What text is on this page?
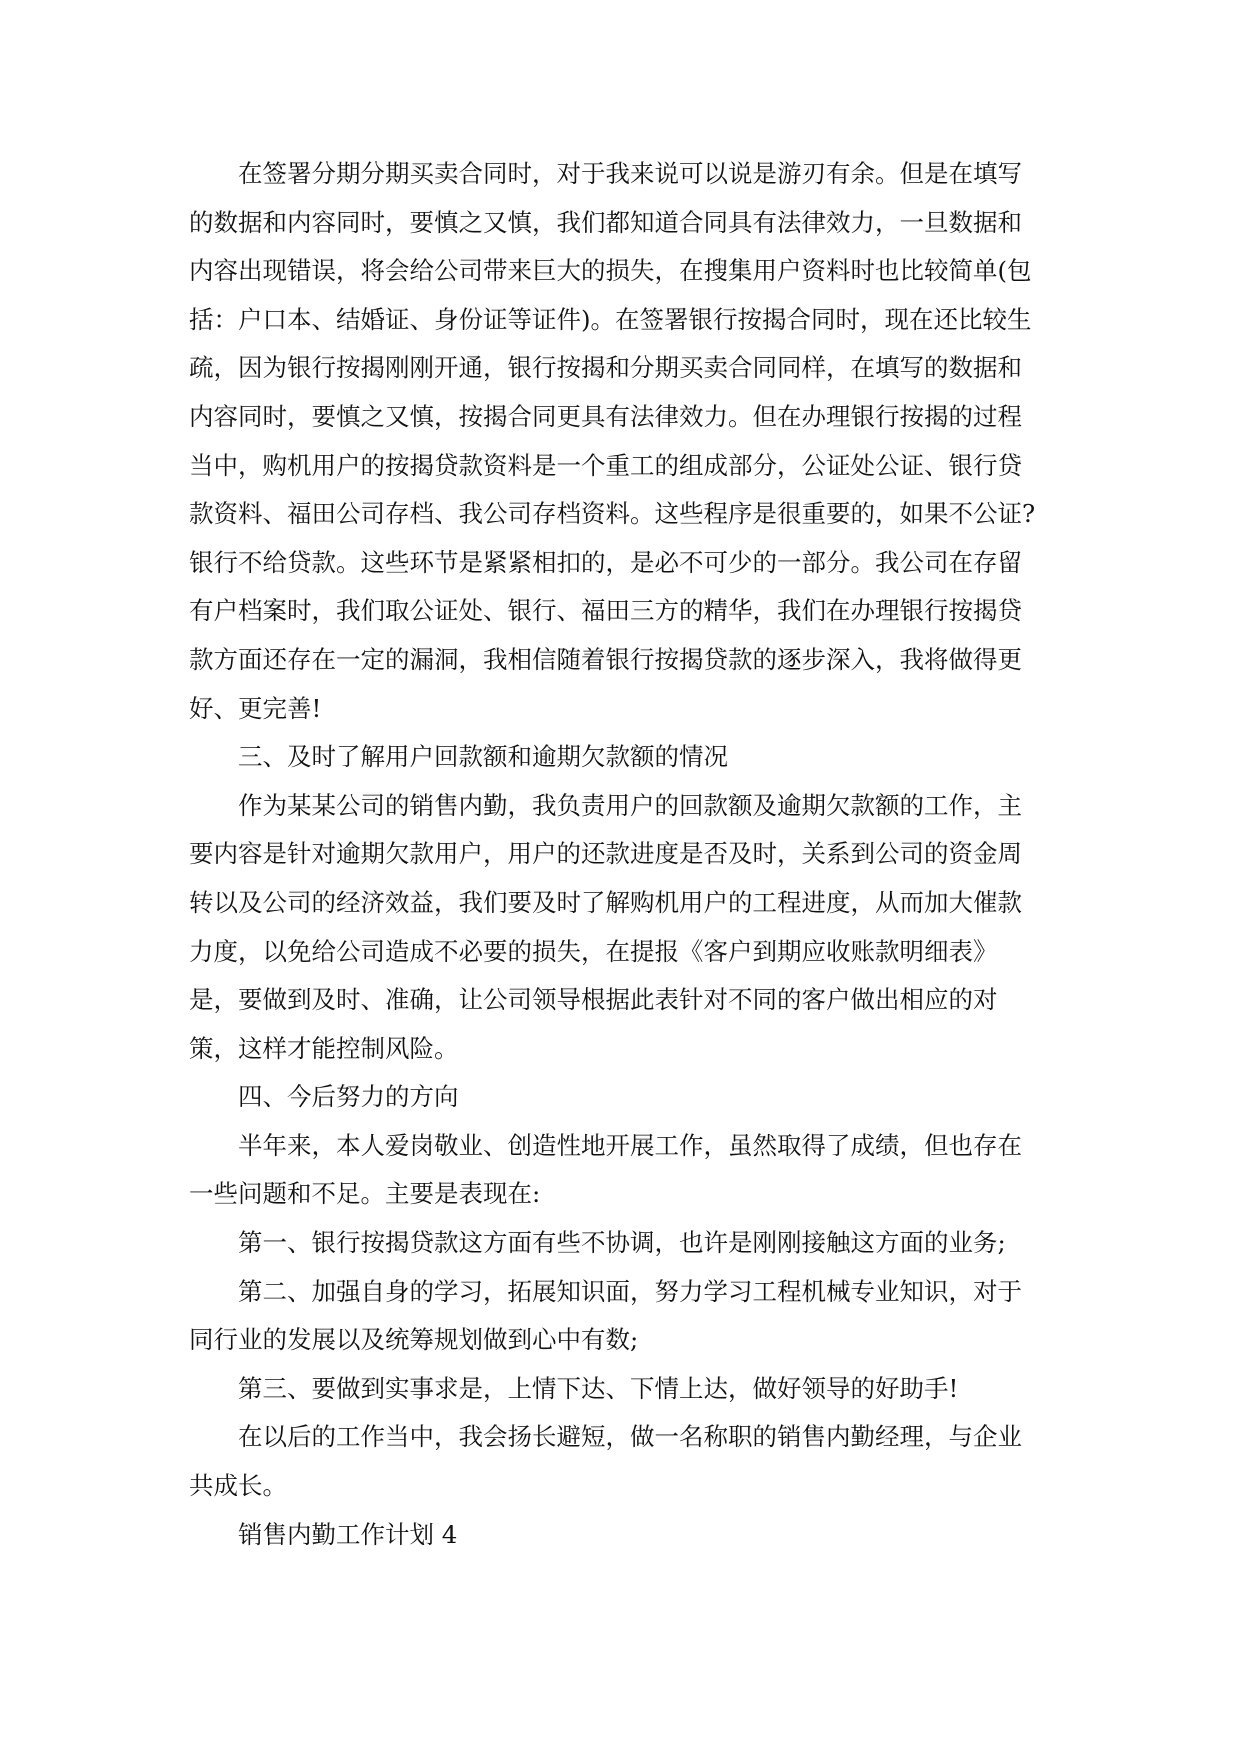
在签署分期分期买卖合同时，对于我来说可以说是游刃有余。但是在填写

的数据和内容同时，要慎之又慎，我们都知道合同具有法律效力，一旦数据和

内容出现错误，将会给公司带来巨大的损失，在搜集用户资料时也比较简单(包

括：户口本、结婚证、身份证等证件)。在签署银行按揭合同时，现在还比较生

疏，因为银行按揭刚刚开通，银行按揭和分期买卖合同同样，在填写的数据和

内容同时，要慎之又慎，按揭合同更具有法律效力。但在办理银行按揭的过程

当中，购机用户的按揭贷款资料是一个重工的组成部分，公证处公证、银行贷

款资料、福田公司存档、我公司存档资料。这些程序是很重要的，如果不公证?

银行不给贷款。这些环节是紧紧相扣的，是必不可少的一部分。我公司在存留

有户档案时，我们取公证处、银行、福田三方的精华，我们在办理银行按揭贷

款方面还存在一定的漏洞，我相信随着银行按揭贷款的逐步深入，我将做得更

好、更完善!

三、及时了解用户回款额和逾期欠款额的情况

作为某某公司的销售内勤，我负责用户的回款额及逾期欠款额的工作，主

要内容是针对逾期欠款用户，用户的还款进度是否及时，关系到公司的资金周

转以及公司的经济效益，我们要及时了解购机用户的工程进度，从而加大催款

力度，以免给公司造成不必要的损失，在提报《客户到期应收账款明细表》

是，要做到及时、准确，让公司领导根据此表针对不同的客户做出相应的对

策，这样才能控制风险。

四、今后努力的方向

半年来，本人爱岗敬业、创造性地开展工作，虽然取得了成绩，但也存在

一些问题和不足。主要是表现在:

第一、银行按揭贷款这方面有些不协调，也许是刚刚接触这方面的业务;

第二、加强自身的学习，拓展知识面，努力学习工程机械专业知识，对于

同行业的发展以及统筹规划做到心中有数;

第三、要做到实事求是，上情下达、下情上达，做好领导的好助手!

在以后的工作当中，我会扬长避短，做一名称职的销售内勤经理，与企业

共成长。

销售内勤工作计划 4
